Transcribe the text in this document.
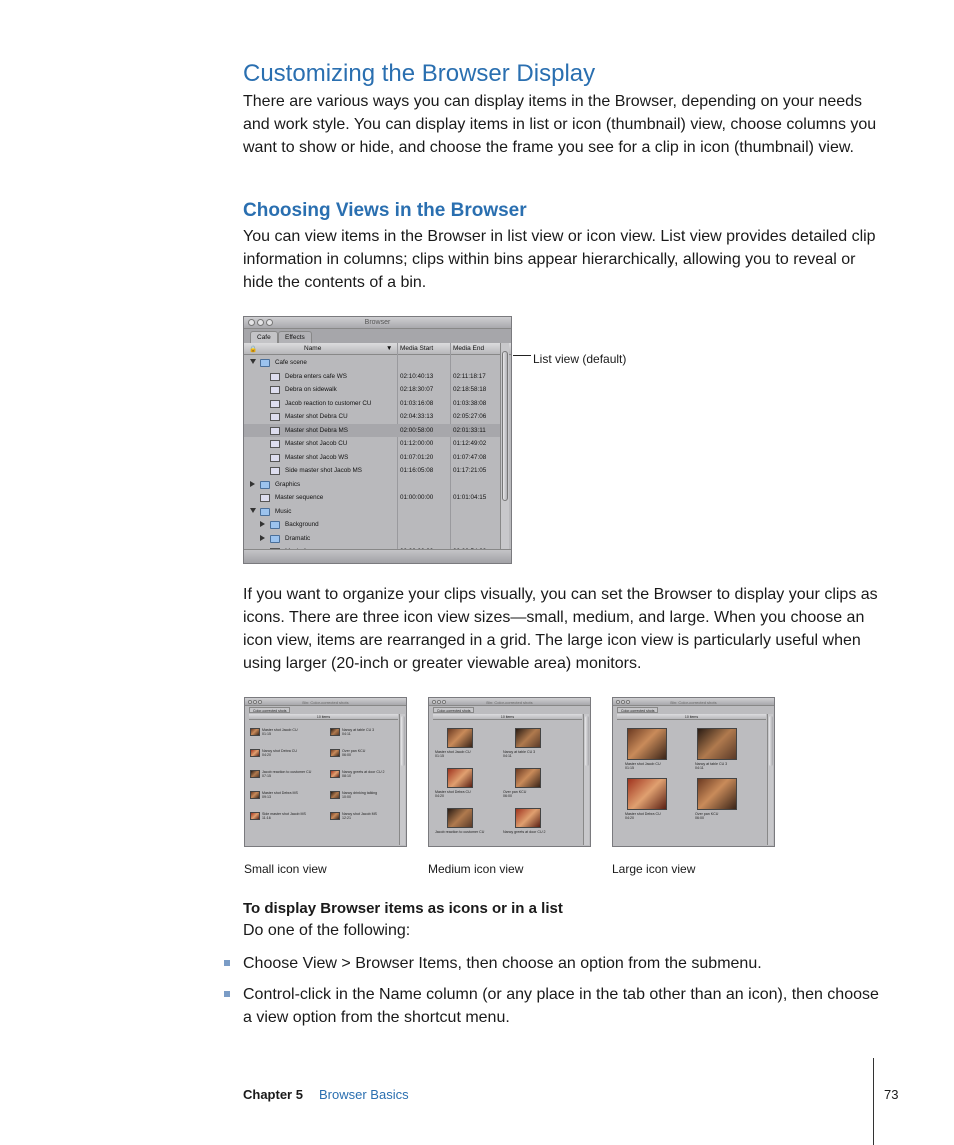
Customizing the Browser Display

There are various ways you can display items in the Browser, depending on your needs and work style. You can display items in list or icon (thumbnail) view, choose columns you want to show or hide, and choose the frame you see for a clip in icon (thumbnail) view.

Choosing Views in the Browser

You can view items in the Browser in list view or icon view. List view provides detailed clip information in columns; clips within bins appear hierarchically, allowing you to reveal or hide the contents of a bin.

Browser
Cafe	Effects
🔒	Name	▼ Media Start	Media End
Cafe scene
Debra enters cafe WS	02:10:40:13	02:11:18:17
Debra on sidewalk	02:18:30:07	02:18:58:18
Jacob reaction to customer CU	01:03:16:08	01:03:38:08
Master shot Debra CU	02:04:33:13	02:05:27:06
Master shot Debra MS	02:00:58:00	02:01:33:11
Master shot Jacob CU	01:12:00:00	01:12:49:02
Master shot Jacob WS	01:07:01:20	01:07:47:08
Side master shot Jacob MS	01:16:05:08	01:17:21:05
Graphics
Master sequence	01:00:00:00	01:01:04:15
Music
Background
Dramatic
List view (default)

If you want to organize your clips visually, you can set the Browser to display your clips as icons. There are three icon view sizes—small, medium, and large. When you choose an icon view, items are rearranged in a grid. The large icon view is particularly useful when using larger (20-inch or greater viewable area) monitors.

Bin: Color-corrected shots
Color-corrected shots
10 items
Master shot Jacob CU
01:15
Nancy at table CU 3
04:11
Nancy shot Debra CU
04:20
Over pan KCU
06:00
Jacob reaction to customer CU
07:15
Nancy greets at door CU 2
08:10
Master shot Debra MS
09:13
Nancy drinking talking
10:00
Side master shot Jacob MS
11:16
Nancy shot Jacob MS
12:21
Bin: Color-corrected shots
Color-corrected shots
10 items
Master shot Jacob CU
01:15
Nancy at table CU 3
04:11
Master shot Debra CU
04:20
Over pan KCU
06:00
Jacob reaction to customer CU	Nancy greets at door CU 2
Bin: Color-corrected shots
Color-corrected shots
10 items
Master shot Jacob CU
01:15
Nancy at table CU 3
04:11
Master shot Debra CU
04:20
Over pan KCU
06:00
Small icon view	Medium icon view	Large icon view
To display Browser items as icons or in a list
Do one of the following:
Choose View > Browser Items, then choose an option from the submenu.
Control-click in the Name column (or any place in the tab other than an icon), then choose a view option from the shortcut menu.
Chapter 5 Browser Basics	73
